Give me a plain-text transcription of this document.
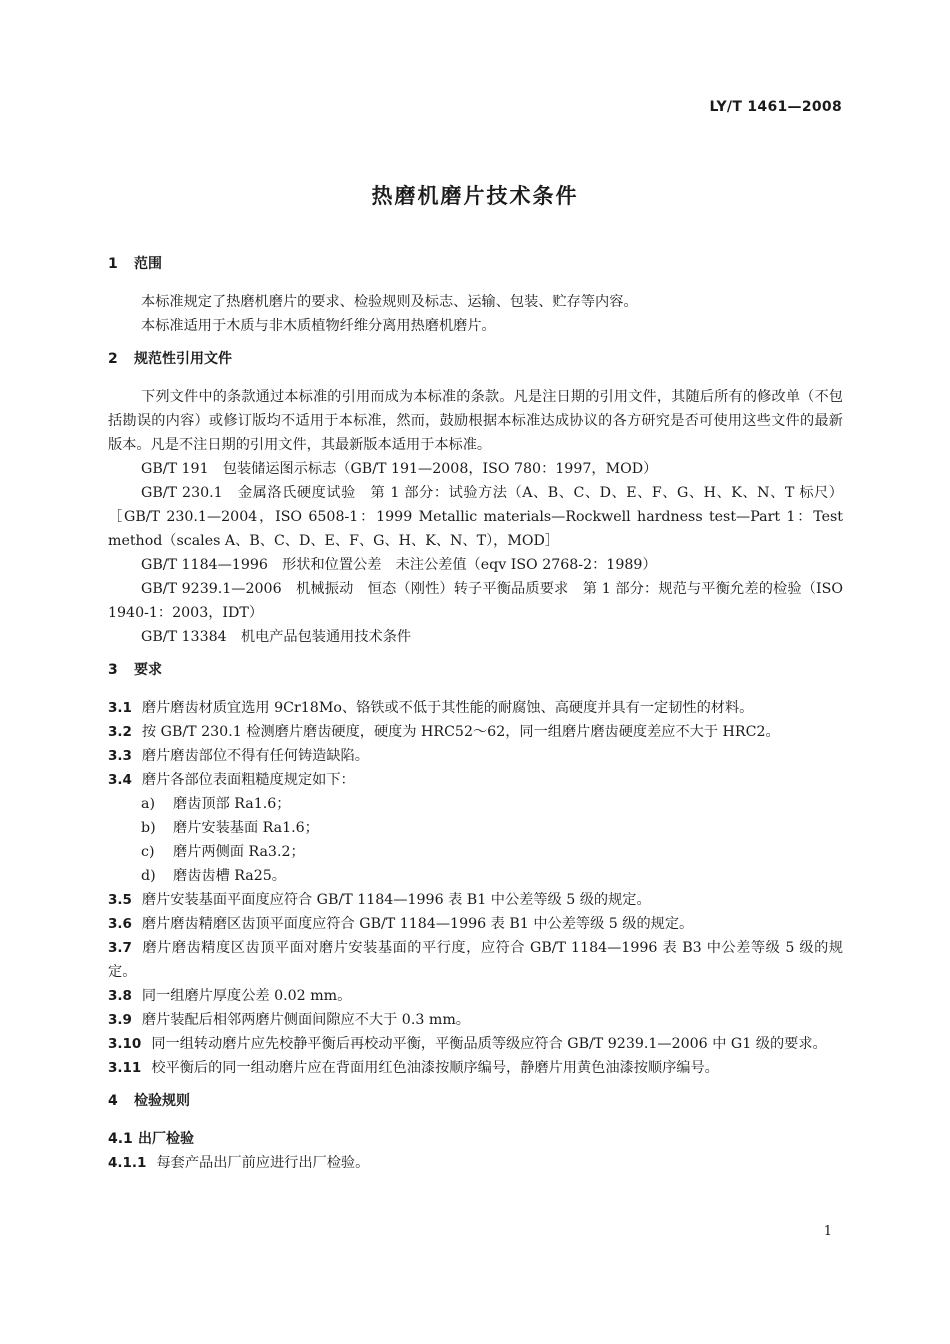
LY/T 1461—2008
热磨机磨片技术条件
1 范围
本标准规定了热磨机磨片的要求、检验规则及标志、运输、包装、贮存等内容。
本标准适用于木质与非木质植物纤维分离用热磨机磨片。
2 规范性引用文件
下列文件中的条款通过本标准的引用而成为本标准的条款。凡是注日期的引用文件，其随后所有的修改单（不包括勘误的内容）或修订版均不适用于本标准，然而，鼓励根据本标准达成协议的各方研究是否可使用这些文件的最新版本。凡是不注日期的引用文件，其最新版本适用于本标准。
GB/T 191　包装储运图示标志（GB/T 191—2008，ISO 780：1997，MOD）
GB/T 230.1　金属洛氏硬度试验　第 1 部分：试验方法（A、B、C、D、E、F、G、H、K、N、T 标尺）［GB/T 230.1—2004，ISO 6508-1：1999 Metallic materials—Rockwell hardness test—Part 1：Test method（scales A、B、C、D、E、F、G、H、K、N、T），MOD］
GB/T 1184—1996　形状和位置公差　未注公差值（eqv ISO 2768-2：1989）
GB/T 9239.1—2006　机械振动　恒态（刚性）转子平衡品质要求　第 1 部分：规范与平衡允差的检验（ISO 1940-1：2003，IDT）
GB/T 13384　机电产品包装通用技术条件
3 要求
3.1 磨片磨齿材质宜选用 9Cr18Mo、铬铁或不低于其性能的耐腐蚀、高硬度并具有一定韧性的材料。
3.2 按 GB/T 230.1 检测磨片磨齿硬度，硬度为 HRC52～62，同一组磨片磨齿硬度差应不大于 HRC2。
3.3 磨片磨齿部位不得有任何铸造缺陷。
3.4 磨片各部位表面粗糙度规定如下：
a) 磨齿顶部 Ra1.6；
b) 磨片安装基面 Ra1.6；
c) 磨片两侧面 Ra3.2；
d) 磨齿齿槽 Ra25。
3.5 磨片安装基面平面度应符合 GB/T 1184—1996 表 B1 中公差等级 5 级的规定。
3.6 磨片磨齿精磨区齿顶平面度应符合 GB/T 1184—1996 表 B1 中公差等级 5 级的规定。
3.7 磨片磨齿精度区齿顶平面对磨片安装基面的平行度，应符合 GB/T 1184—1996 表 B3 中公差等级 5 级的规定。
3.8 同一组磨片厚度公差 0.02 mm。
3.9 磨片装配后相邻两磨片侧面间隙应不大于 0.3 mm。
3.10 同一组转动磨片应先校静平衡后再校动平衡，平衡品质等级应符合 GB/T 9239.1—2006 中 G1 级的要求。
3.11 校平衡后的同一组动磨片应在背面用红色油漆按顺序编号，静磨片用黄色油漆按顺序编号。
4 检验规则
4.1 出厂检验
4.1.1 每套产品出厂前应进行出厂检验。
1
